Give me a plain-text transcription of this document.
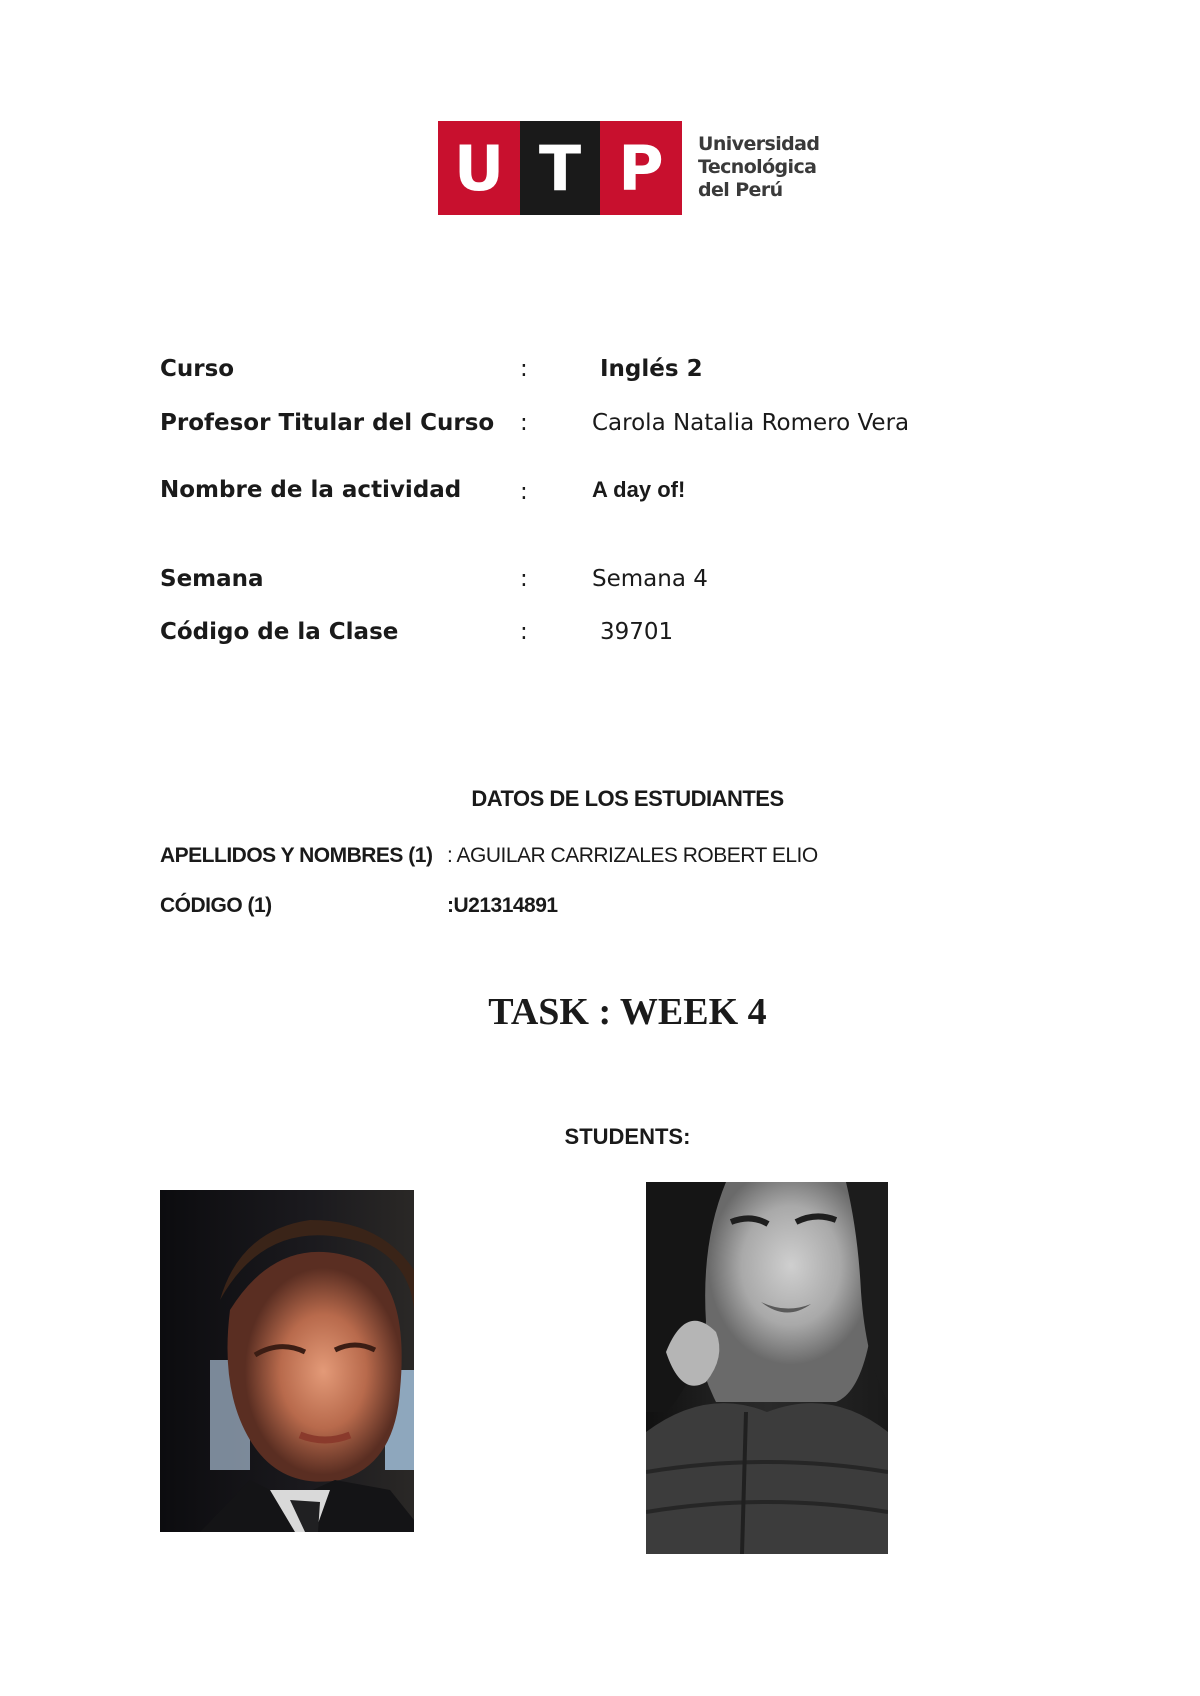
U T P	Universidad
Tecnológica
del Perú
Curso	:	Inglés 2
Profesor Titular del Curso :	Carola Natalia Romero Vera
Nombre de la actividad	:	A day of!
Semana	:	Semana 4
Código de la Clase	:	39701
DATOS DE LOS ESTUDIANTES
APELLIDOS Y NOMBRES (1) : AGUILAR CARRIZALES ROBERT ELIO
CÓDIGO (1)	:U21314891
TASK : WEEK 4
STUDENTS:
